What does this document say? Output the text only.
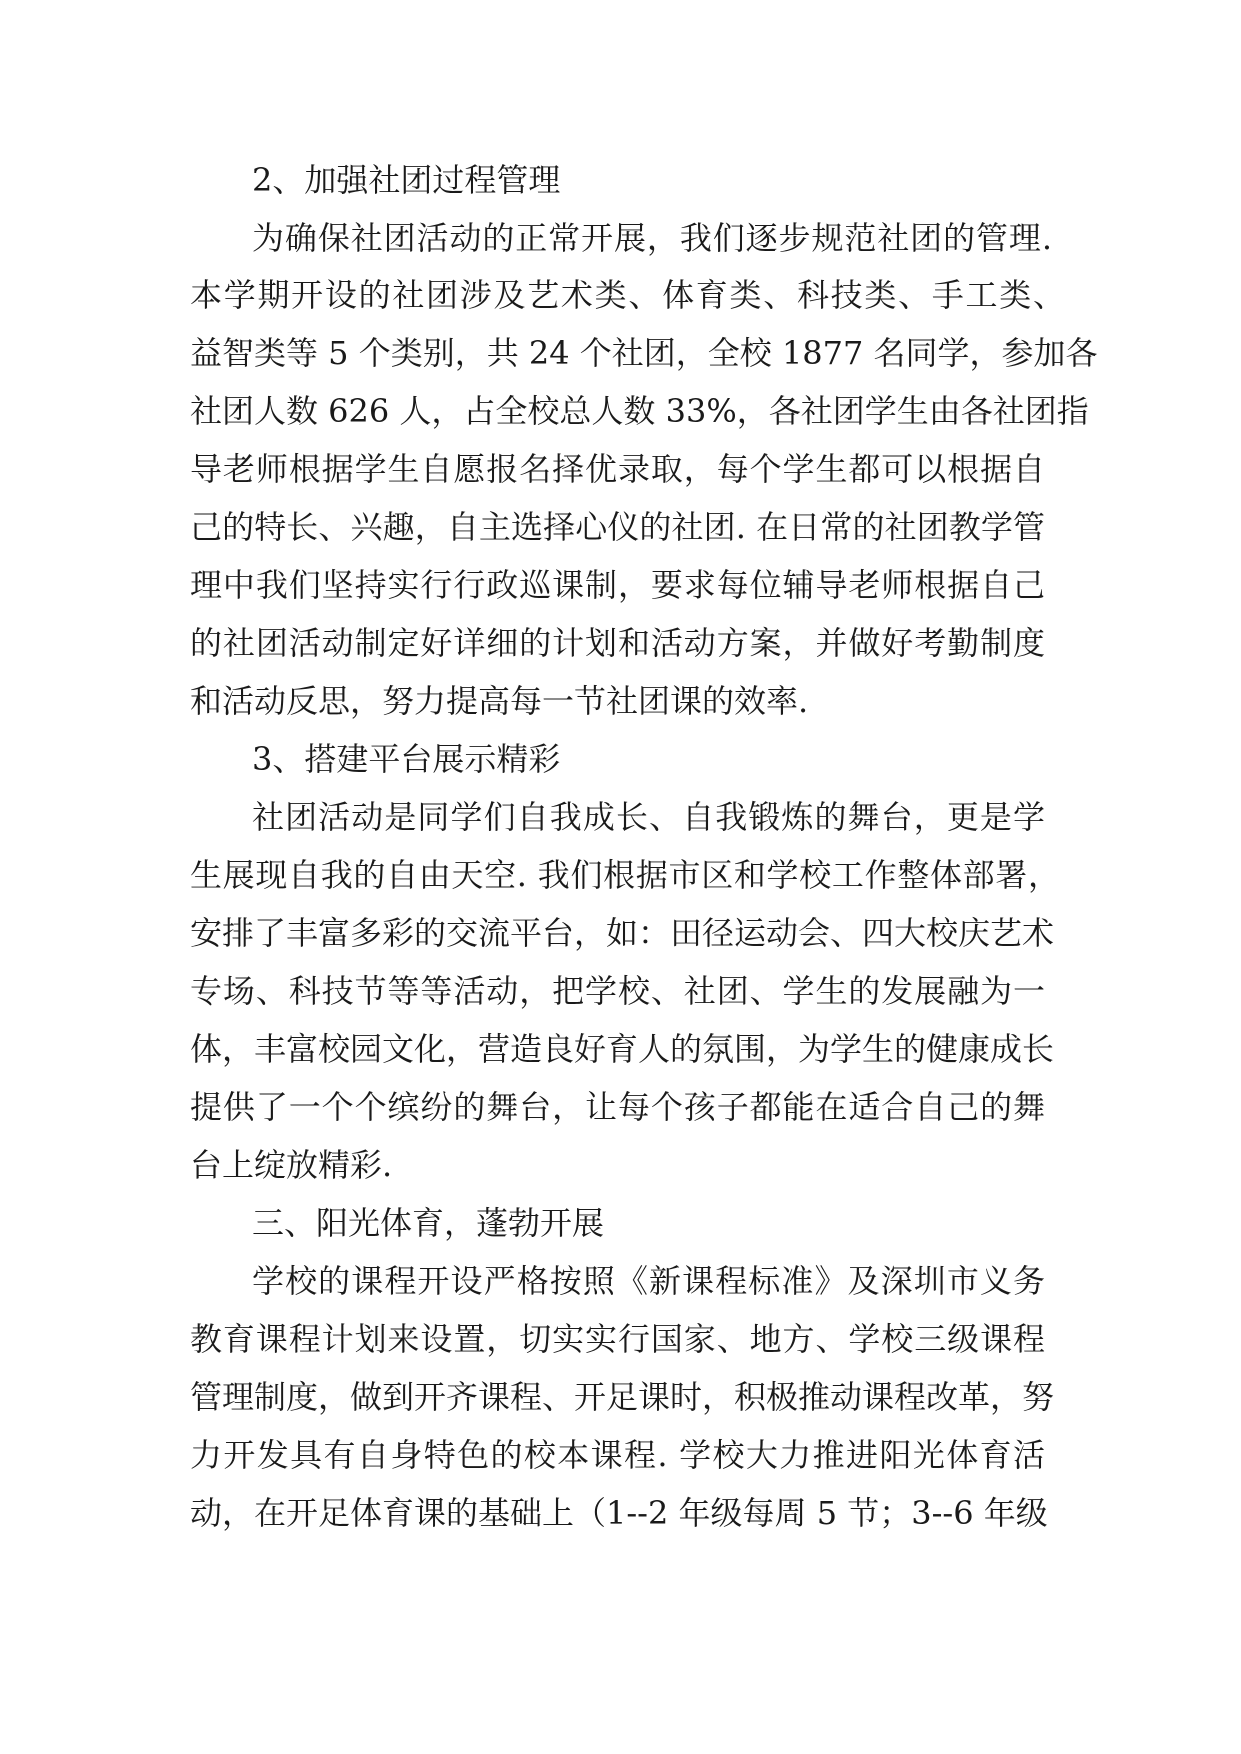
2、加强社团过程管理
为确保社团活动的正常开展，我们逐步规范社团的管理.
本学期开设的社团涉及艺术类、体育类、科技类、手工类、
益智类等 5 个类别，共 24 个社团，全校 1877 名同学，参加各
社团人数 626 人，占全校总人数 33%，各社团学生由各社团指
导老师根据学生自愿报名择优录取，每个学生都可以根据自
己的特长、兴趣，自主选择心仪的社团. 在日常的社团教学管
理中我们坚持实行行政巡课制，要求每位辅导老师根据自己
的社团活动制定好详细的计划和活动方案，并做好考勤制度
和活动反思，努力提高每一节社团课的效率.
3、搭建平台展示精彩
社团活动是同学们自我成长、自我锻炼的舞台，更是学
生展现自我的自由天空. 我们根据市区和学校工作整体部署，
安排了丰富多彩的交流平台，如：田径运动会、四大校庆艺术
专场、科技节等等活动，把学校、社团、学生的发展融为一
体，丰富校园文化，营造良好育人的氛围，为学生的健康成长
提供了一个个缤纷的舞台，让每个孩子都能在适合自己的舞
台上绽放精彩.
三、阳光体育，蓬勃开展
学校的课程开设严格按照《新课程标准》及深圳市义务
教育课程计划来设置，切实实行国家、地方、学校三级课程
管理制度，做到开齐课程、开足课时，积极推动课程改革，努
力开发具有自身特色的校本课程. 学校大力推进阳光体育活
动，在开足体育课的基础上（1--2 年级每周 5 节；3--6 年级
